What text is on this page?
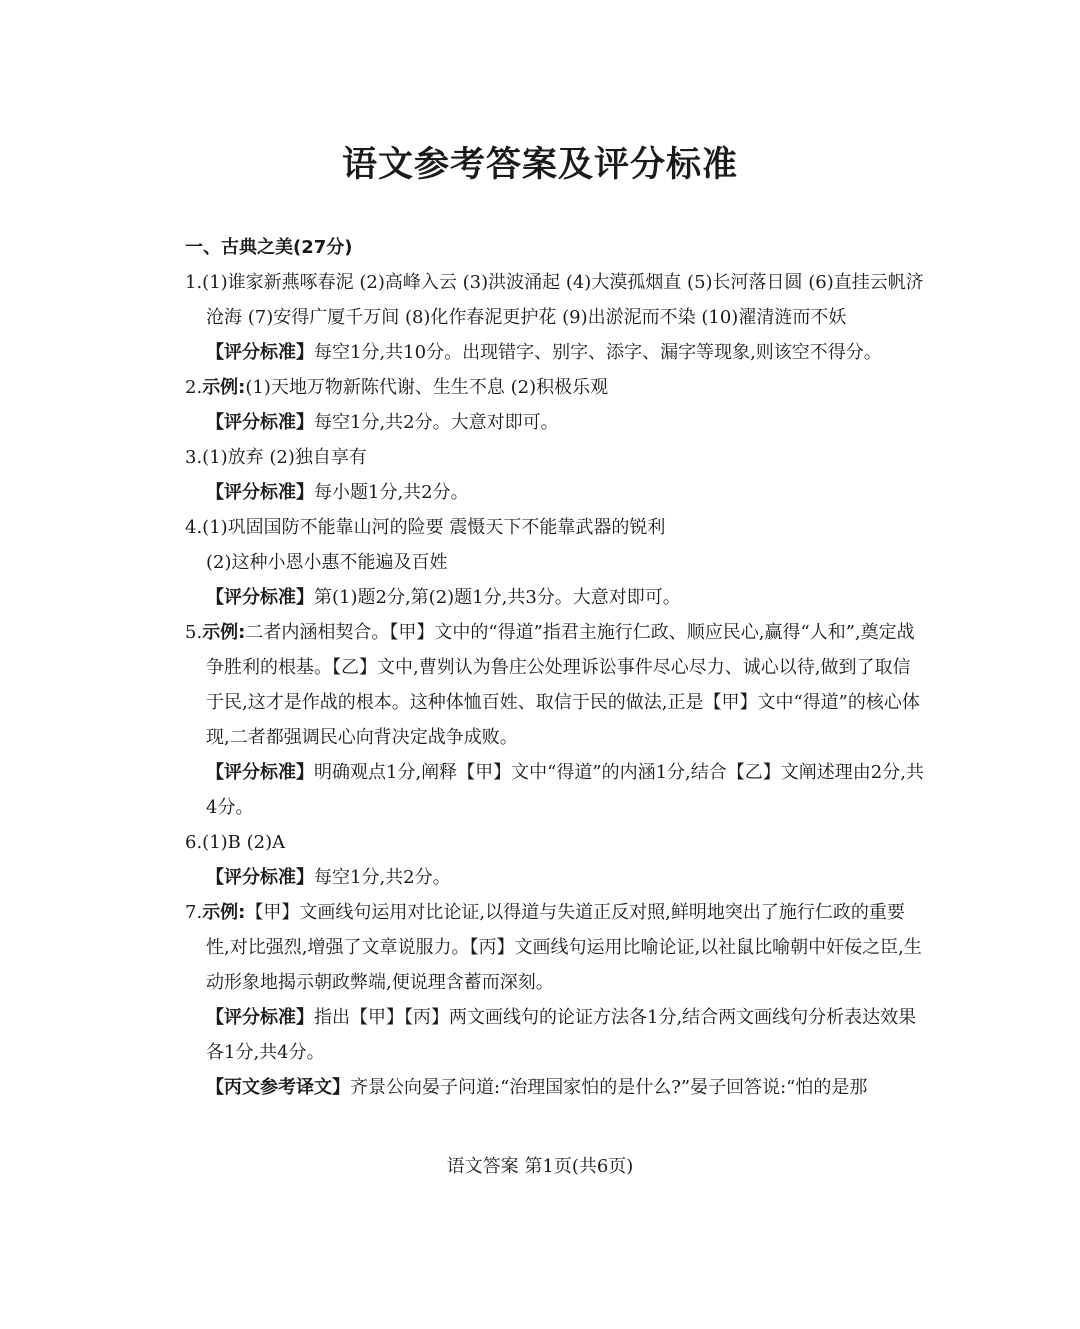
语文参考答案及评分标准
一、古典之美(27分)
1.(1)谁家新燕啄春泥 (2)高峰入云 (3)洪波涌起 (4)大漠孤烟直 (5)长河落日圆 (6)直挂云帆济沧海 (7)安得广厦千万间 (8)化作春泥更护花 (9)出淤泥而不染 (10)濯清涟而不妖
【评分标准】每空1分,共10分。出现错字、别字、添字、漏字等现象,则该空不得分。
2.示例:(1)天地万物新陈代谢、生生不息 (2)积极乐观
【评分标准】每空1分,共2分。大意对即可。
3.(1)放弃 (2)独自享有
【评分标准】每小题1分,共2分。
4.(1)巩固国防不能靠山河的险要 震慑天下不能靠武器的锐利
(2)这种小恩小惠不能遍及百姓
【评分标准】第(1)题2分,第(2)题1分,共3分。大意对即可。
5.示例:二者内涵相契合。【甲】文中的“得道”指君主施行仁政、顺应民心,赢得“人和”,奠定战争胜利的根基。【乙】文中,曹刿认为鲁庄公处理诉讼事件尽心尽力、诚心以待,做到了取信于民,这才是作战的根本。这种体恤百姓、取信于民的做法,正是【甲】文中“得道”的核心体现,二者都强调民心向背决定战争成败。
【评分标准】明确观点1分,阐释【甲】文中“得道”的内涵1分,结合【乙】文阐述理由2分,共4分。
6.(1)B (2)A
【评分标准】每空1分,共2分。
7.示例:【甲】文画线句运用对比论证,以得道与失道正反对照,鲜明地突出了施行仁政的重要性,对比强烈,增强了文章说服力。【丙】文画线句运用比喻论证,以社鼠比喻朝中奸佞之臣,生动形象地揭示朝政弊端,便说理含蓄而深刻。
【评分标准】指出【甲】【丙】两文画线句的论证方法各1分,结合两文画线句分析表达效果各1分,共4分。
【丙文参考译文】齐景公向晏子问道:“治理国家怕的是什么?”晏子回答说:“怕的是那
语文答案 第1页(共6页)
